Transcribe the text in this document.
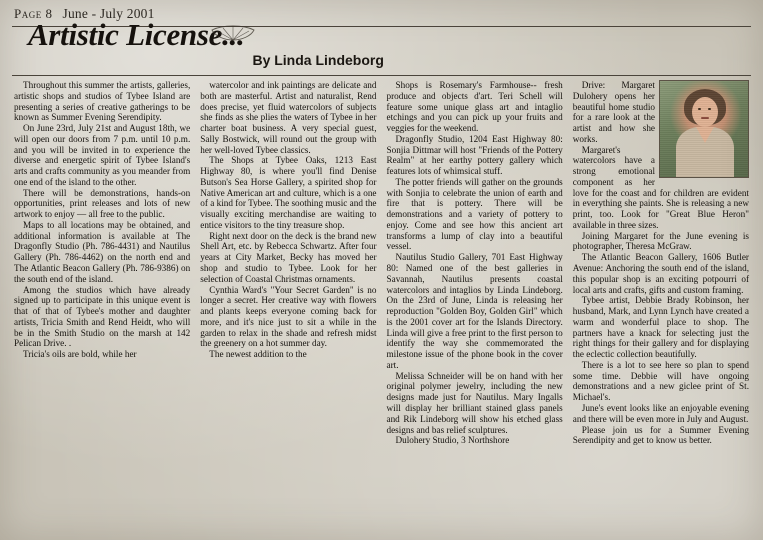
Page 8 June - July 2001
Artistic License...
By Linda Lindeborg

Throughout this summer the artists, galleries, artistic shops and studios of Tybee Island are presenting a series of creative gatherings to be known as Summer Evening Serendipity.

On June 23rd, July 21st and August 18th, we will open our doors from 7 p.m. until 10 p.m. and you will be invited in to experience the diverse and energetic spirit of Tybee Island's arts and crafts community as you meander from one end of the island to the other.

There will be demonstrations, hands-on opportunities, print releases and lots of new artwork to enjoy — all free to the public.

Maps to all locations may be obtained, and additional information is available at The Dragonfly Studio (Ph. 786-4431) and Nautilus Gallery (Ph. 786-4462) on the north end and The Atlantic Beacon Gallery (Ph. 786-9386) on the south end of the island.

Among the studios which have already signed up to participate in this unique event is that of that of Tybee's mother and daughter artists, Tricia Smith and Rend Heidt, who will be in the Smith Studio on the marsh at 142 Pelican Drive. .

Tricia's oils are bold, while her

watercolor and ink paintings are delicate and both are masterful. Artist and naturalist, Rend does precise, yet fluid watercolors of subjects she finds as she plies the waters of Tybee in her charter boat business. A very special guest, Sally Bostwick, will round out the group with her well-loved Tybee classics.

The Shops at Tybee Oaks, 1213 East Highway 80, is where you'll find Denise Butson's Sea Horse Gallery, a spirited shop for Native American art and culture, which is a one of a kind for Tybee. The soothing music and the visually exciting merchandise are waiting to entice visitors to the tiny treasure shop.

Right next door on the deck is the brand new Shell Art, etc. by Rebecca Schwartz. After four years at City Market, Becky has moved her shop and studio to Tybee. Look for her selection of Coastal Christmas ornaments.

Cynthia Ward's "Your Secret Garden" is no longer a secret. Her creative way with flowers and plants keeps everyone coming back for more, and it's nice just to sit a while in the garden to relax in the shade and refresh midst the greenery on a hot summer day.

The newest addition to the

Shops is Rosemary's Farmhouse-- fresh produce and objects d'art. Teri Schell will feature some unique glass art and intaglio etchings and you can pick up your fruits and veggies for the weekend.

Dragonfly Studio, 1204 East Highway 80: Sonjia Dittmar will host "Friends of the Pottery Realm" at her earthy pottery gallery which features lots of whimsical stuff.

The potter friends will gather on the grounds with Sonjia to celebrate the union of earth and fire that is pottery. There will be demonstrations and a variety of pottery to enjoy. Come and see how this ancient art transforms a lump of clay into a beautiful vessel.

Nautilus Studio Gallery, 701 East Highway 80: Named one of the best galleries in Savannah, Nautilus presents coastal watercolors and intaglios by Linda Lindeborg. On the 23rd of June, Linda is releasing her reproduction "Golden Boy, Golden Girl" which is the 2001 cover art for the Islands Directory. Linda will give a free print to the first person to identify the way she commemorated the milestone issue of the phone book in the cover art.

Melissa Schneider will be on hand with her original polymer jewelry, including the new designs made just for Nautilus. Mary Ingalls will display her brilliant stained glass panels and Rik Lindeborg will show his etched glass designs and bas relief sculptures.

Dulohery Studio, 3 Northshore

Drive: Margaret Dulohery opens her beautiful home studio for a rare look at the artist and how she works.

Margaret's watercolors have a strong emotional component as her love for the coast and for children are evident in everything she paints. She is releasing a new print, too. Look for "Great Blue Heron" available in three sizes.

Joining Margaret for the June evening is photographer, Theresa McGraw.

The Atlantic Beacon Gallery, 1606 Butler Avenue: Anchoring the south end of the island, this popular shop is an exciting potpourri of local arts and crafts, gifts and custom framing.

Tybee artist, Debbie Brady Robinson, her husband, Mark, and Lynn Lynch have created a warm and wonderful place to shop. The partners have a knack for selecting just the right things for their gallery and for displaying the eclectic collection beautifully.

There is a lot to see here so plan to spend some time. Debbie will have ongoing demonstrations and a new giclee print of St. Michael's.

June's event looks like an enjoyable evening and there will be even more in July and August.

Please join us for a Summer Evening Serendipity and get to know us better.
